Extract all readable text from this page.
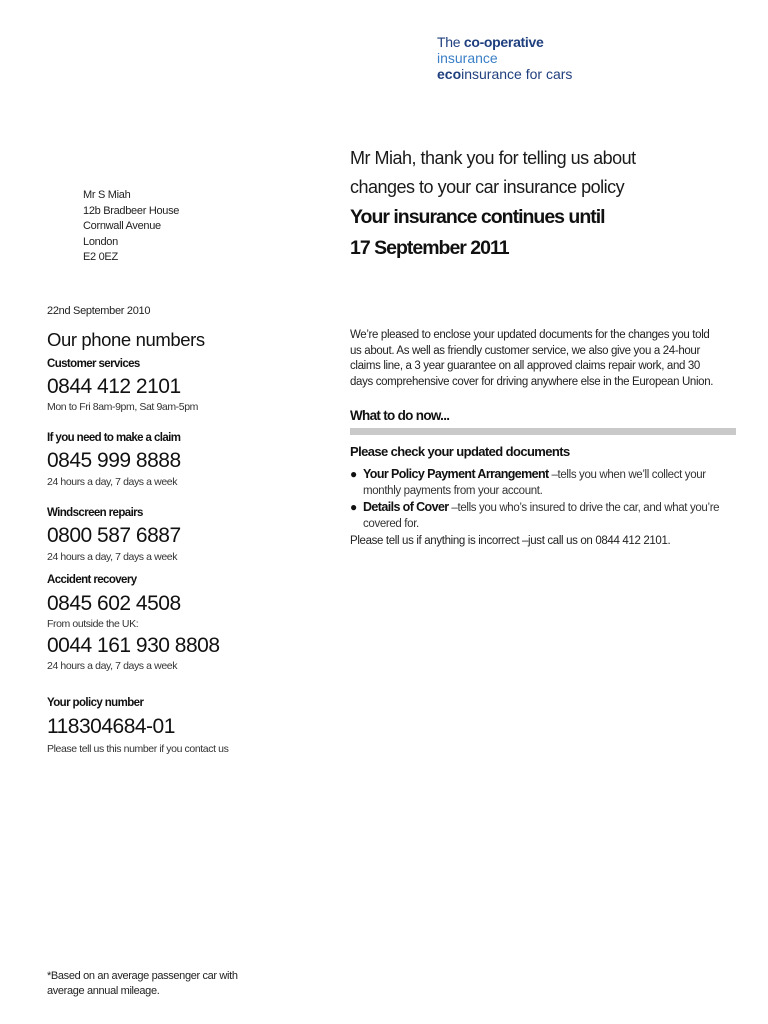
The co-operative
insurance
ecoinsurance for cars
Mr S Miah
12b Bradbeer House
Cornwall Avenue
London
E2 0EZ
Mr Miah, thank you for telling us about
changes to your car insurance policy
Your insurance continues until
17 September 2011
22nd September 2010
Our phone numbers
Customer services
0844 412 2101
Mon to Fri 8am-9pm, Sat 9am-5pm
If you need to make a claim
0845 999 8888
24 hours a day, 7 days a week
Windscreen repairs
0800 587 6887
24 hours a day, 7 days a week
Accident recovery
0845 602 4508
From outside the UK:
0044 161 930 8808
24 hours a day, 7 days a week
Your policy number
118304684-01
Please tell us this number if you contact us
We’re pleased to enclose your updated documents for the changes you told us about. As well as friendly customer service, we also give you a 24-hour claims line, a 3 year guarantee on all approved claims repair work, and 30 days comprehensive cover for driving anywhere else in the European Union.
What to do now...
Please check your updated documents
● Your Policy Payment Arrangement –tells you when we’ll collect your monthly payments from your account.
● Details of Cover –tells you who’s insured to drive the car, and what you’re covered for.
Please tell us if anything is incorrect –just call us on 0844 412 2101.
*Based on an average passenger car with average annual mileage.
